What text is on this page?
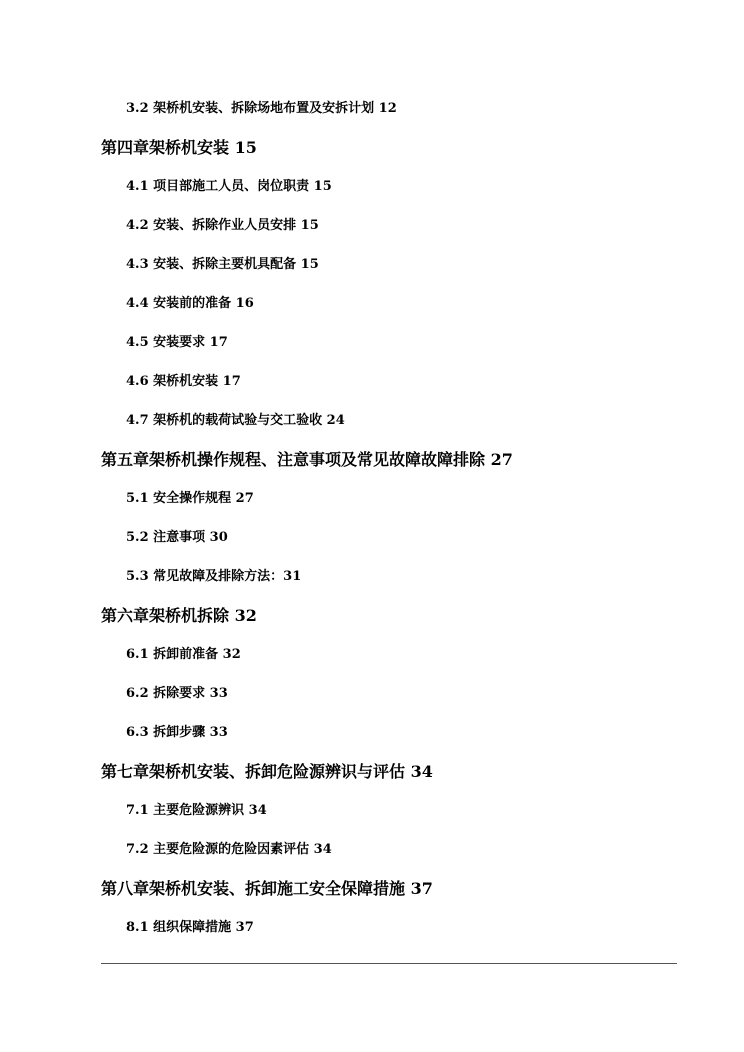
3.2 架桥机安装、拆除场地布置及安拆计划 12
第四章架桥机安装 15
4.1 项目部施工人员、岗位职责 15
4.2 安装、拆除作业人员安排 15
4.3 安装、拆除主要机具配备 15
4.4 安装前的准备 16
4.5 安装要求 17
4.6 架桥机安装 17
4.7 架桥机的载荷试验与交工验收 24
第五章架桥机操作规程、注意事项及常见故障故障排除 27
5.1 安全操作规程 27
5.2 注意事项 30
5.3 常见故障及排除方法：31
第六章架桥机拆除 32
6.1 拆卸前准备 32
6.2 拆除要求 33
6.3 拆卸步骤 33
第七章架桥机安装、拆卸危险源辨识与评估 34
7.1 主要危险源辨识 34
7.2 主要危险源的危险因素评估 34
第八章架桥机安装、拆卸施工安全保障措施 37
8.1 组织保障措施 37
